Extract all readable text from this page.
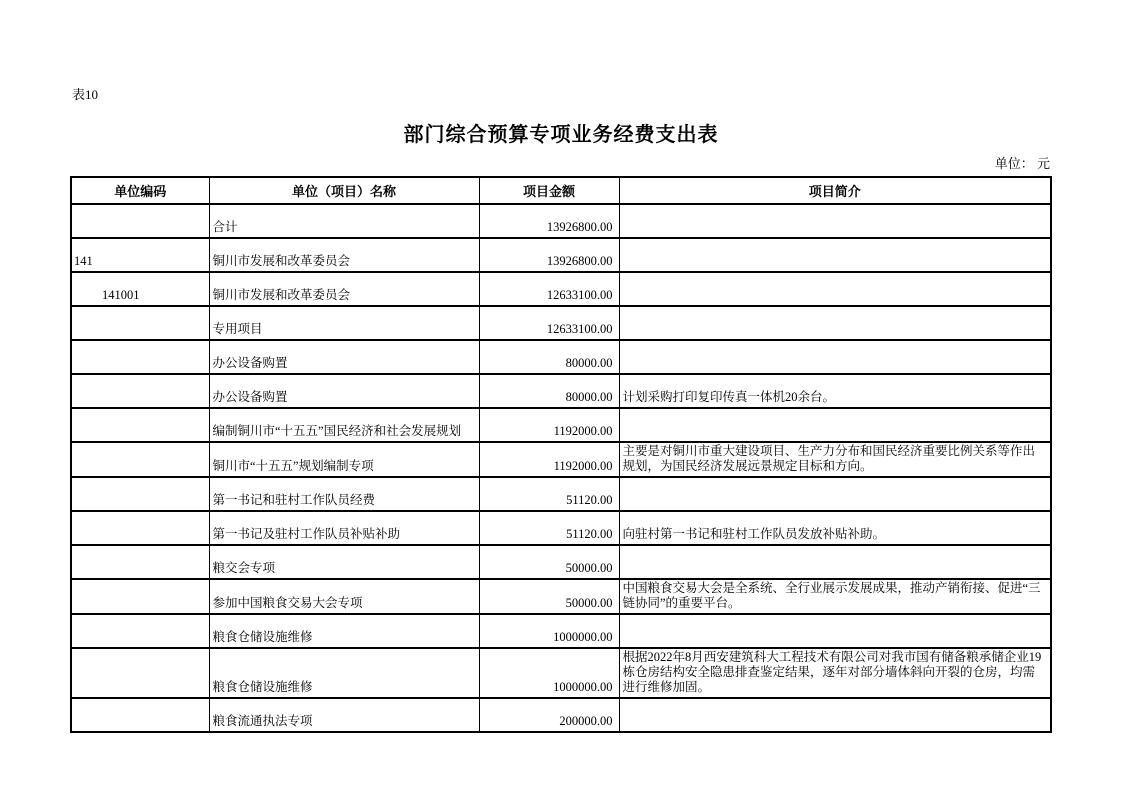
表10
部门综合预算专项业务经费支出表
单位： 元
单位编码	单位（项目）名称	项目金额	项目简介
	合计	13926800.00	
141	铜川市发展和改革委员会	13926800.00	
141001	铜川市发展和改革委员会	12633100.00	
	专用项目	12633100.00	
	办公设备购置	80000.00	
	办公设备购置	80000.00	计划采购打印复印传真一体机20余台。
	编制铜川市“十五五”国民经济和社会发展规划	1192000.00	
	铜川市“十五五”规划编制专项	1192000.00	主要是对铜川市重大建设项目、生产力分布和国民经济重要比例关系等作出规划，为国民经济发展远景规定目标和方向。
	第一书记和驻村工作队员经费	51120.00	
	第一书记及驻村工作队员补贴补助	51120.00	向驻村第一书记和驻村工作队员发放补贴补助。
	粮交会专项	50000.00	
	参加中国粮食交易大会专项	50000.00	中国粮食交易大会是全系统、全行业展示发展成果，推动产销衔接、促进“三链协同”的重要平台。
	粮食仓储设施维修	1000000.00	
	粮食仓储设施维修	1000000.00	根据2022年8月西安建筑科大工程技术有限公司对我市国有储备粮承储企业19栋仓房结构安全隐患排查鉴定结果，逐年对部分墙体斜向开裂的仓房，均需进行维修加固。
	粮食流通执法专项	200000.00	
